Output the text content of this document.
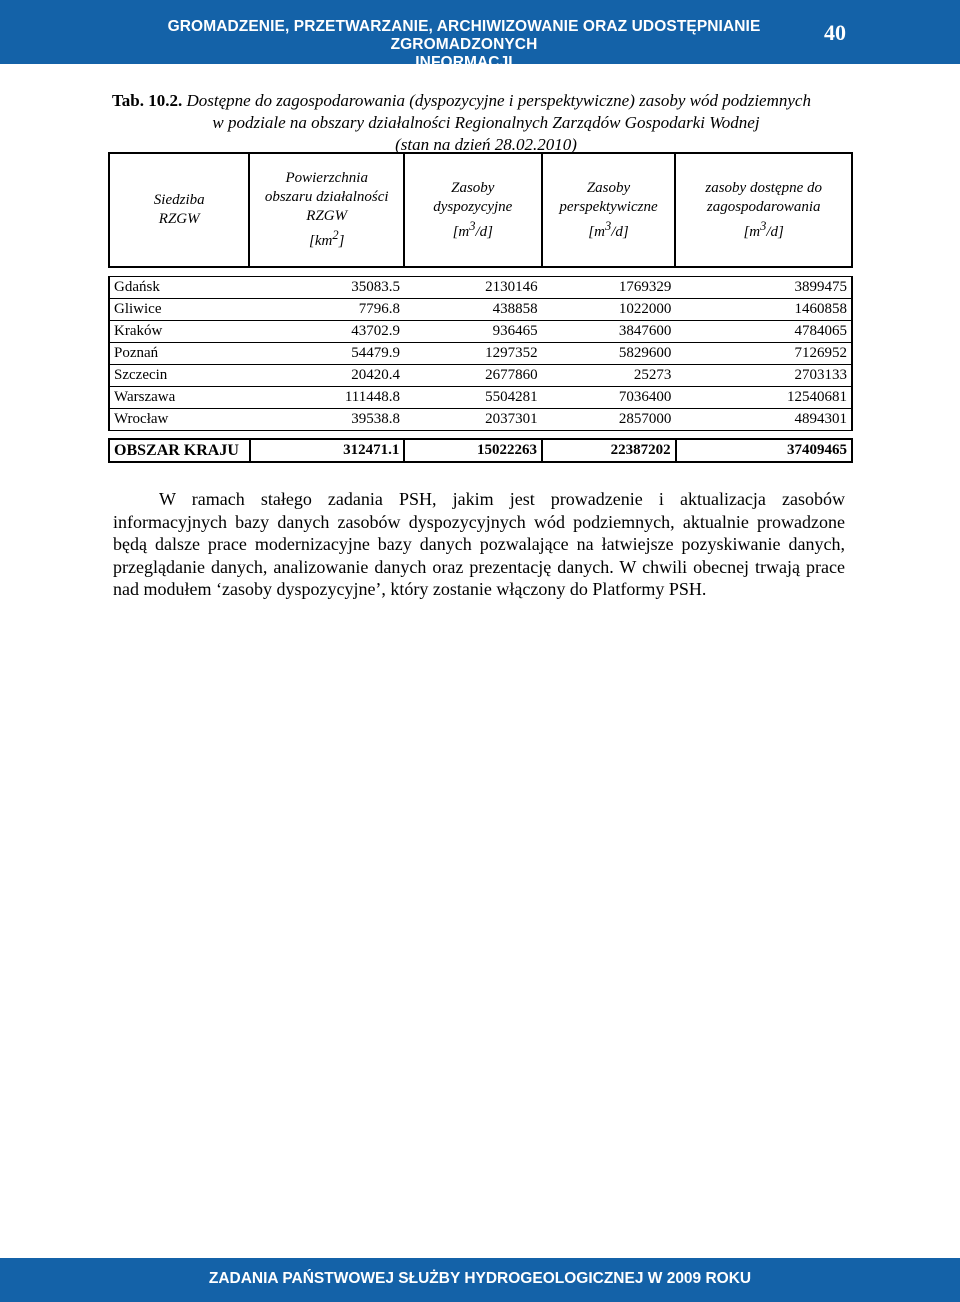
GROMADZENIE, PRZETWARZANIE, ARCHIWIZOWANIE ORAZ UDOSTĘPNIANIE ZGROMADZONYCH
INFORMACJI
40
Tab. 10.2. Dostępne do zagospodarowania (dyspozycyjne i perspektywiczne) zasoby wód podziemnych
w podziale na obszary działalności Regionalnych Zarządów Gospodarki Wodnej
(stan na dzień 28.02.2010)
Siedziba
RZGW	Powierzchnia
obszaru działalności
RZGW
$[km^2]$	Zasoby
dyspozycyjne
$[m^3/d]$	Zasoby
perspektywiczne
$[m^3/d]$	zasoby dostępne do
zagospodarowania
$[m^3/d]$

Gdańsk	35083.5	2130146	1769329	3899475
Gliwice	7796.8	438858	1022000	1460858
Kraków	43702.9	936465	3847600	4784065
Poznań	54479.9	1297352	5829600	7126952
Szczecin	20420.4	2677860	25273	2703133
Warszawa	111448.8	5504281	7036400	12540681
Wrocław	39538.8	2037301	2857000	4894301
OBSZAR KRAJU	312471.1	15022263	22387202	37409465

W ramach stałego zadania PSH, jakim jest prowadzenie i aktualizacja zasobów informacyjnych bazy danych zasobów dyspozycyjnych wód podziemnych, aktualnie prowadzone będą dalsze prace modernizacyjne bazy danych pozwalające na łatwiejsze pozyskiwanie danych, przeglądanie danych, analizowanie danych oraz prezentację danych. W chwili obecnej trwają prace nad modułem ‘zasoby dyspozycyjne’, który zostanie włączony do Platformy PSH.

ZADANIA PAŃSTWOWEJ SŁUŻBY HYDROGEOLOGICZNEJ W 2009 ROKU
